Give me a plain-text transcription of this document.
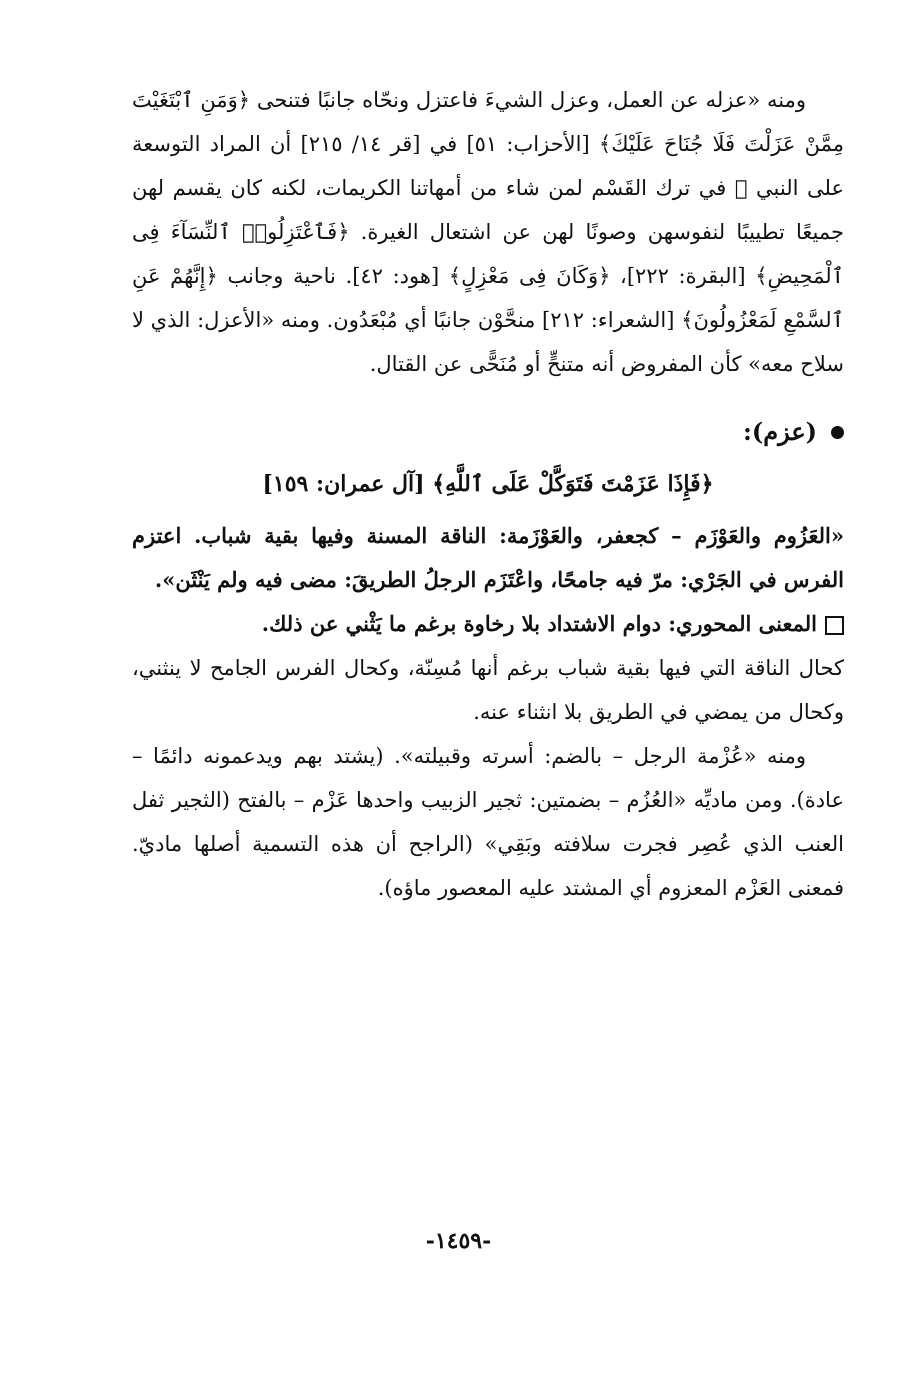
ومنه «عزله عن العمل، وعزل الشيءَ فاعتزل ونحّاه جانبًا فتنحى ﴿وَمَنِ ٱبْتَغَيْتَ مِمَّنْ عَزَلْتَ فَلَا جُنَاحَ عَلَيْكَ﴾ [الأحزاب: ٥١] في [قر ١٤/ ٢١٥] أن المراد التوسعة على النبي ﷺ في ترك القَسْم لمن شاء من أمهاتنا الكريمات، لكنه كان يقسم لهن جميعًا تطييبًا لنفوسهن وصونًا لهن عن اشتعال الغيرة. ﴿فَٱعْتَزِلُوا۟ ٱلنِّسَآءَ فِى ٱلْمَحِيضِ﴾ [البقرة: ٢٢٢]، ﴿وَكَانَ فِى مَعْزِلٍ﴾ [هود: ٤٢]. ناحية وجانب ﴿إِنَّهُمْ عَنِ ٱلسَّمْعِ لَمَعْزُولُونَ﴾ [الشعراء: ٢١٢] منحَّوْن جانبًا أي مُبْعَدُون. ومنه «الأعزل: الذي لا سلاح معه» كأن المفروض أنه متنحٍّ أو مُنَحًّى عن القتال.

(عزم):
﴿فَإِذَا عَزَمْتَ فَتَوَكَّلْ عَلَى ٱللَّهِ﴾ [آل عمران: ١٥٩]

«العَزُوم والعَوْزَم – كجعفر، والعَوْزَمة: الناقة المسنة وفيها بقية شباب. اعتزم الفرس في الجَرْي: مرّ فيه جامحًا، واعْتَزَم الرجلُ الطريقَ: مضى فيه ولم يَنْثَن».

المعنى المحوري: دوام الاشتداد بلا رخاوة برغم ما يَثْني عن ذلك.

كحال الناقة التي فيها بقية شباب برغم أنها مُسِنّة، وكحال الفرس الجامح لا ينثني، وكحال من يمضي في الطريق بلا انثناء عنه.

ومنه «عُزْمة الرجل – بالضم: أسرته وقبيلته». (يشتد بهم ويدعمونه دائمًا – عادة). ومن ماديِّه «العُزُم – بضمتين: ثجير الزبيب واحدها عَزْم – بالفتح (الثجير ثفل العنب الذي عُصِر فجرت سلافته وبَقِي» (الراجح أن هذه التسمية أصلها ماديّ. فمعنى العَزْم المعزوم أي المشتد عليه المعصور ماؤه).

-١٤٥٩-
